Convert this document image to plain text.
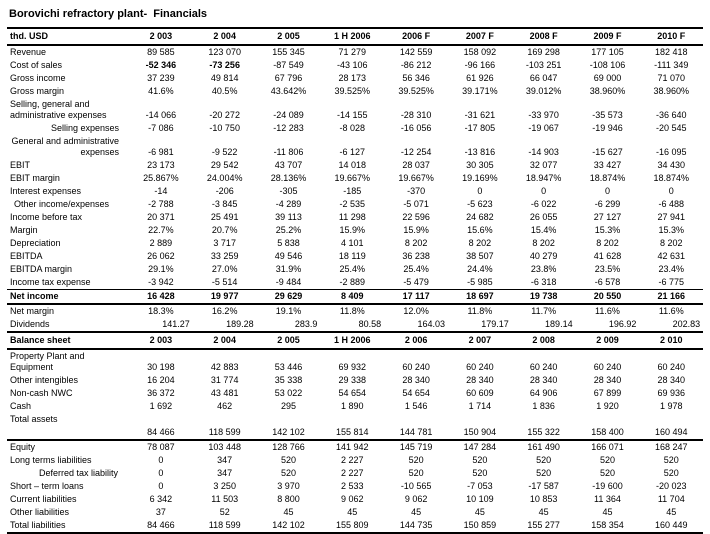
Borovichi refractory plant-  Financials
thd. USD	2 003	2 004	2 005	1 H 2006	2006 F	2007 F	2008 F	2009 F	2010 F
Revenue	89 585	123 070	155 345	71 279	142 559	158 092	169 298	177 105	182 418
Cost of sales	-52 346	-73 256	-87 549	-43 106	-86 212	-96 166	-103 251	-108 106	-111 349
Gross income	37 239	49 814	67 796	28 173	56 346	61 926	66 047	69 000	71 070
Gross margin	41.6%	40.5%	43.642%	39.525%	39.525%	39.171%	39.012%	38.960%	38.960%
Selling, general and administrative expenses	-14 066	-20 272	-24 089	-14 155	-28 310	-31 621	-33 970	-35 573	-36 640
Selling expenses	-7 086	-10 750	-12 283	-8 028	-16 056	-17 805	-19 067	-19 946	-20 545
General and administrative expenses	-6 981	-9 522	-11 806	-6 127	-12 254	-13 816	-14 903	-15 627	-16 095
EBIT	23 173	29 542	43 707	14 018	28 037	30 305	32 077	33 427	34 430
EBIT margin	25.867%	24.004%	28.136%	19.667%	19.667%	19.169%	18.947%	18.874%	18.874%
Interest expenses	-14	-206	-305	-185	-370	0	0	0	0
Other income/expenses	-2 788	-3 845	-4 289	-2 535	-5 071	-5 623	-6 022	-6 299	-6 488
Income before tax	20 371	25 491	39 113	11 298	22 596	24 682	26 055	27 127	27 941
Margin	22.7%	20.7%	25.2%	15.9%	15.9%	15.6%	15.4%	15.3%	15.3%
Depreciation	2 889	3 717	5 838	4 101	8 202	8 202	8 202	8 202	8 202
EBITDA	26 062	33 259	49 546	18 119	36 238	38 507	40 279	41 628	42 631
EBITDA margin	29.1%	27.0%	31.9%	25.4%	25.4%	24.4%	23.8%	23.5%	23.4%
Income tax expense	-3 942	-5 514	-9 484	-2 889	-5 479	-5 985	-6 318	-6 578	-6 775
Net income	16 428	19 977	29 629	8 409	17 117	18 697	19 738	20 550	21 166
Net margin	18.3%	16.2%	19.1%	11.8%	12.0%	11.8%	11.7%	11.6%	11.6%
Dividends	141.27	189.28	283.9	80.58	164.03	179.17	189.14	196.92	202.83
Balance sheet	2 003	2 004	2 005	1 H 2006	2 006	2 007	2 008	2 009	2 010
Property Plant and Equipment	30 198	42 883	53 446	69 932	60 240	60 240	60 240	60 240	60 240
Other intengibles	16 204	31 774	35 338	29 338	28 340	28 340	28 340	28 340	28 340
Non-cash NWC	36 372	43 481	53 022	54 654	54 654	60 609	64 906	67 899	69 936
Cash	1 692	462	295	1 890	1 546	1 714	1 836	1 920	1 978
Total assets									
	84 466	118 599	142 102	155 814	144 781	150 904	155 322	158 400	160 494
Equity	78 087	103 448	128 766	141 942	145 719	147 284	161 490	166 071	168 247
Long terms liabilities	0	347	520	2 227	520	520	520	520	520
Deferred tax liability	0	347	520	2 227	520	520	520	520	520
Short – term loans	0	3 250	3 970	2 533	-10 565	-7 053	-17 587	-19 600	-20 023
Current liabilities	6 342	11 503	8 800	9 062	9 062	10 109	10 853	11 364	11 704
Other liabilities	37	52	45	45	45	45	45	45	45
Total liabilities	84 466	118 599	142 102	155 809	144 735	150 859	155 277	158 354	160 449
